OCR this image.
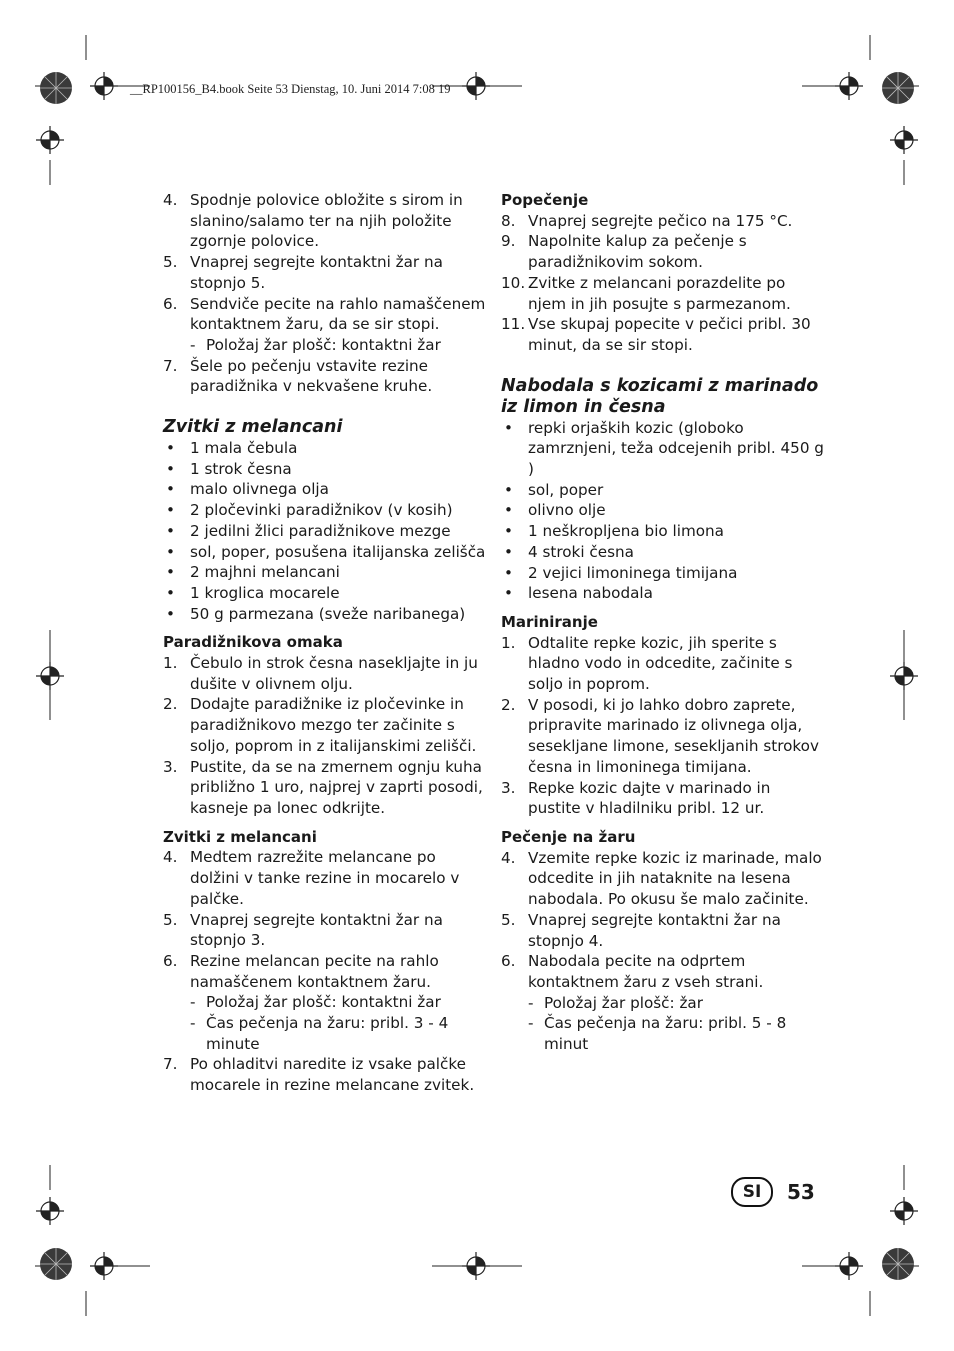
__RP100156_B4.book Seite 53 Dienstag, 10. Juni 2014 7:08 19
4. Spodnje polovice obložite s sirom in slanino/salamo ter na njih položite zgornje polovice.
5. Vnaprej segrejte kontaktni žar na stopnjo 5.
6. Sendviče pecite na rahlo namaščenem kontaktnem žaru, da se sir stopi.
- Položaj žar plošč: kontaktni žar
7. Šele po pečenju vstavite rezine paradižnika v nekvašene kruhe.
Zvitki z melancani
• 1 mala čebula
• 1 strok česna
• malo olivnega olja
• 2 pločevinki paradižnikov (v kosih)
• 2 jedilni žlici paradižnikove mezge
• sol, poper, posušena italijanska zelišča
• 2 majhni melancani
• 1 kroglica mocarele
• 50 g parmezana (sveže naribanega)
Paradižnikova omaka
1. Čebulo in strok česna nasekljajte in ju dušite v olivnem olju.
2. Dodajte paradižnike iz pločevinke in paradižnikovo mezgo ter začinite s soljo, poprom in z italijanskimi zelišči.
3. Pustite, da se na zmernem ognju kuha približno 1 uro, najprej v zaprti posodi, kasneje pa lonec odkrijte.
Zvitki z melancani
4. Medtem razrežite melancane po dolžini v tanke rezine in mocarelo v palčke.
5. Vnaprej segrejte kontaktni žar na stopnjo 3.
6. Rezine melancan pecite na rahlo namaščenem kontaktnem žaru.
- Položaj žar plošč: kontaktni žar
- Čas pečenja na žaru: pribl. 3 - 4 minute
7. Po ohladitvi naredite iz vsake palčke mocarele in rezine melancane zvitek.
Popečenje
8. Vnaprej segrejte pečico na 175 °C.
9. Napolnite kalup za pečenje s paradižnikovim sokom.
10. Zvitke z melancani porazdelite po njem in jih posujte s parmezanom.
11. Vse skupaj popecite v pečici pribl. 30 minut, da se sir stopi.
Nabodala s kozicami z marinado iz limon in česna
• repki orjaških kozic (globoko zamrznjeni, teža odcejenih pribl. 450 g )
• sol, poper
• olivno olje
• 1 neškropljena bio limona
• 4 stroki česna
• 2 vejici limoninega timijana
• lesena nabodala
Mariniranje
1. Odtalite repke kozic, jih sperite s hladno vodo in odcedite, začinite s soljo in poprom.
2. V posodi, ki jo lahko dobro zaprete, pripravite marinado iz olivnega olja, sesekljane limone, sesekljanih strokov česna in limoninega timijana.
3. Repke kozic dajte v marinado in pustite v hladilniku pribl. 12 ur.
Pečenje na žaru
4. Vzemite repke kozic iz marinade, malo odcedite in jih nataknite na lesena nabodala. Po okusu še malo začinite.
5. Vnaprej segrejte kontaktni žar na stopnjo 4.
6. Nabodala pecite na odprtem kontaktnem žaru z vseh strani.
- Položaj žar plošč: žar
- Čas pečenja na žaru: pribl. 5 - 8 minut
SI	53
